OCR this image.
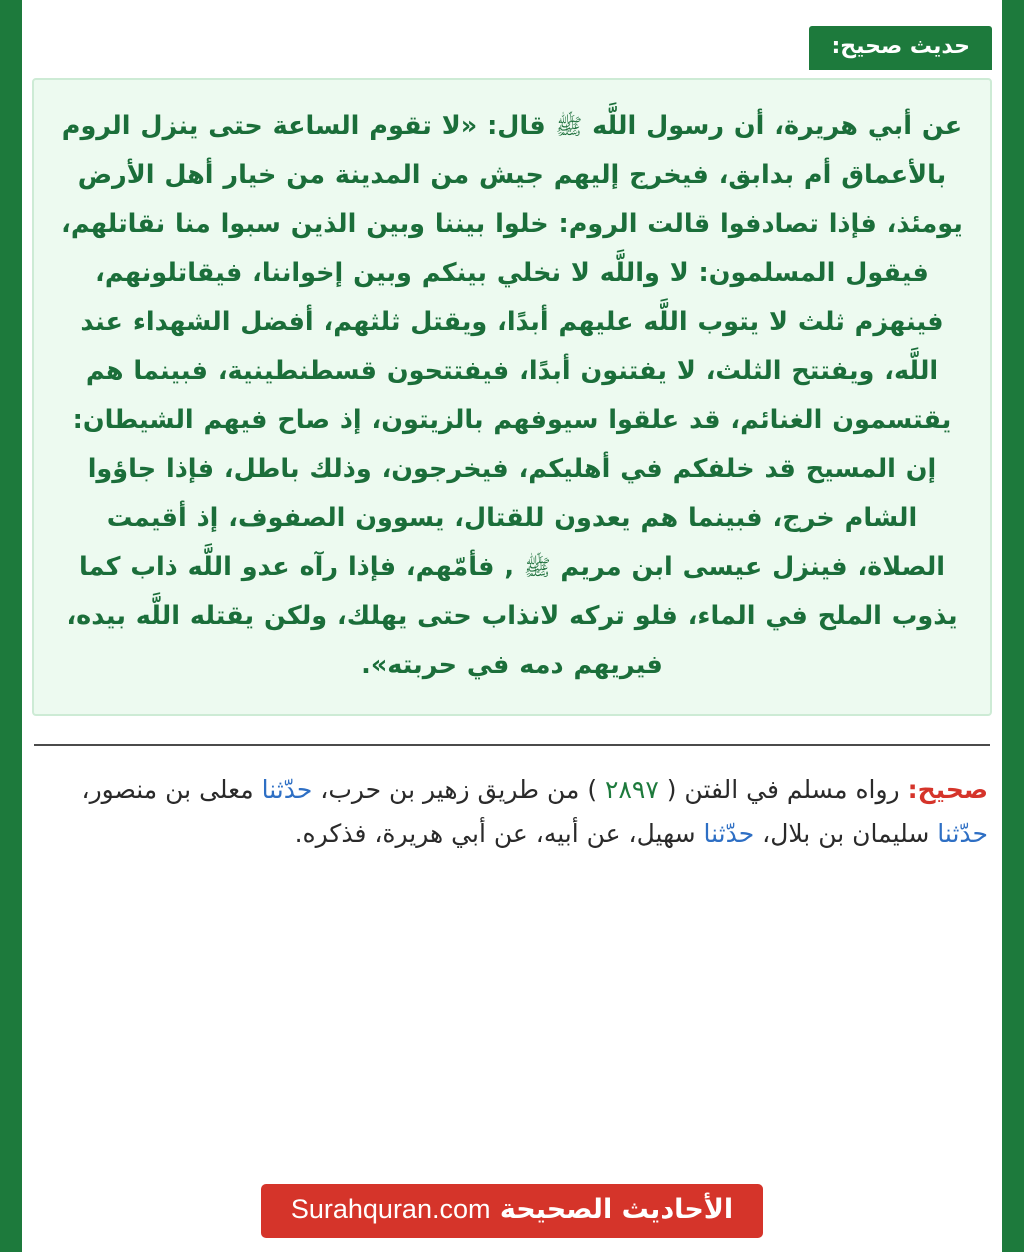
حديث صحيح:
عن أبي هريرة، أن رسول اللَّه ﷺ قال: «لا تقوم الساعة حتى ينزل الروم بالأعماق أم بدابق، فيخرج إليهم جيش من المدينة من خيار أهل الأرض يومئذ، فإذا تصادفوا قالت الروم: خلوا بيننا وبين الذين سبوا منا نقاتلهم، فيقول المسلمون: لا واللَّه لا نخلي بينكم وبين إخواننا، فيقاتلونهم، فينهزم ثلث لا يتوب اللَّه عليهم أبدًا، ويقتل ثلثهم، أفضل الشهداء عند اللَّه، ويفتتح الثلث، لا يفتنون أبدًا، فيفتتحون قسطنطينية، فبينما هم يقتسمون الغنائم، قد علقوا سيوفهم بالزيتون، إذ صاح فيهم الشيطان: إن المسيح قد خلفكم في أهليكم، فيخرجون، وذلك باطل، فإذا جاؤوا الشام خرج، فبينما هم يعدون للقتال، يسوون الصفوف، إذ أقيمت الصلاة، فينزل عيسى ابن مريم ﷺ , فأمّهم، فإذا رآه عدو اللَّه ذاب كما يذوب الملح في الماء، فلو تركه لانذاب حتى يهلك، ولكن يقتله اللَّه بيده، فيريهم دمه في حربته».
صحيح: رواه مسلم في الفتن ( ٢٨٩٧ ) من طريق زهير بن حرب، حدّثنا معلى بن منصور، حدّثنا سليمان بن بلال، حدّثنا سهيل، عن أبيه، عن أبي هريرة، فذكره.
الأحاديث الصحيحة Surahquran.com
